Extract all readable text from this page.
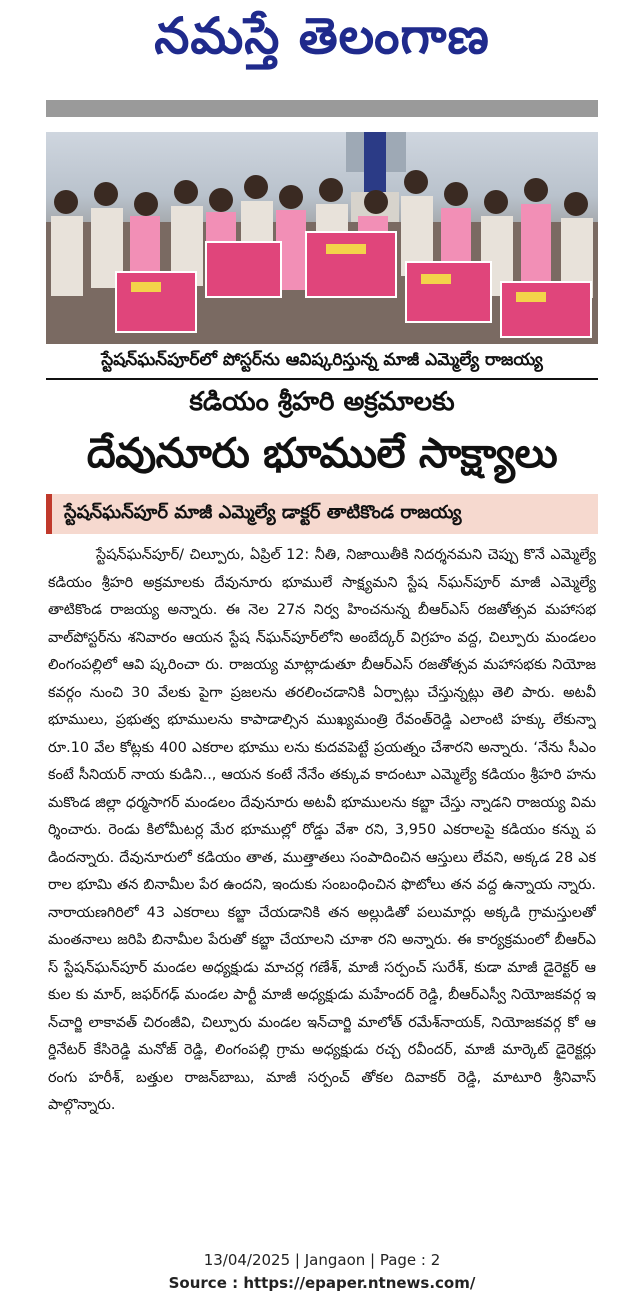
నమస్తే తెలంగాణ
స్టేషన్‌ఘన్‌పూర్‌లో పోస్టర్‌ను ఆవిష్కరిస్తున్న మాజీ ఎమ్మెల్యే రాజయ్య
కడియం శ్రీహరి అక్రమాలకు
దేవునూరు భూములే సాక్ష్యాలు
స్టేషన్‌ఘన్‌పూర్ మాజీ ఎమ్మెల్యే డాక్టర్ తాటికొండ రాజయ్య

స్టేషన్‌ఘన్‌పూర్/ చిల్పూరు, ఏప్రిల్ 12: నీతి, నిజాయితీకి నిదర్శనమని చెప్పు కొనే ఎమ్మెల్యే కడియం శ్రీహరి అక్రమాలకు దేవునూరు భూములే సాక్ష్యమని స్టేష న్‌ఘన్‌పూర్ మాజీ ఎమ్మెల్యే తాటికొండ రాజయ్య అన్నారు. ఈ నెల 27న నిర్వ హించనున్న బీఆర్‌ఎస్ రజతోత్సవ మహాసభ వాల్‌పోస్టర్‌ను శనివారం ఆయన స్టేష న్‌ఘన్‌పూర్‌లోని అంబేద్కర్ విగ్రహం వద్ద, చిల్పూరు మండలం లింగంపల్లిలో ఆవి ష్కరించా రు. రాజయ్య మాట్లాడుతూ బీఆర్‌ఎస్ రజతోత్సవ మహాసభకు నియోజ కవర్గం నుంచి 30 వేలకు పైగా ప్రజలను తరలించడానికి ఏర్పాట్లు చేస్తున్నట్లు తెలి పారు. అటవీ భూములు, ప్రభుత్వ భూములను కాపాడాల్సిన ముఖ్యమంత్రి రేవంత్‌రెడ్డి ఎలాంటి హక్కు లేకున్నా రూ.10 వేల కోట్లకు 400 ఎకరాల భూము లను కుదవపెట్టే ప్రయత్నం చేశారని అన్నారు. ‘నేను సీఎం కంటే సీనియర్ నాయ కుడిని.., ఆయన కంటే నేనేం తక్కువ కాదంటూ ఎమ్మెల్యే కడియం శ్రీహరి హను మకొండ జిల్లా ధర్మసాగర్ మండలం దేవునూరు అటవీ భూములను కబ్జా చేస్తు న్నాడని రాజయ్య విమర్శించారు. రెండు కిలోమీటర్ల మేర భూముల్లో రోడ్డు వేశా రని, 3,950 ఎకరాలపై కడియం కన్ను పడిందన్నారు. దేవునూరులో కడియం తాత, ముత్తాతలు సంపాదించిన ఆస్తులు లేవని, అక్కడ 28 ఎకరాల భూమి తన బినామీల పేర ఉందని, ఇందుకు సంబంధించిన ఫొటోలు తన వద్ద ఉన్నాయ న్నారు. నారాయణగిరిలో 43 ఎకరాలు కబ్జా చేయడానికి తన అల్లుడితో పలుమార్లు అక్కడి గ్రామస్తులతో మంతనాలు జరిపి బినామీల పేరుతో కబ్జా చేయాలని చూశా రని అన్నారు. ఈ కార్యక్రమంలో బీఆర్‌ఎస్ స్టేషన్‌ఘన్‌పూర్ మండల అధ్యక్షుడు మాచర్ల గణేశ్, మాజీ సర్పంచ్ సురేశ్, కుడా మాజీ డైరెక్టర్ ఆకుల కు మార్, జఫర్‌గఢ్ మండల పార్టీ మాజీ అధ్యక్షుడు మహేందర్ రెడ్డి, బీఆర్‌ఎస్వీ నియోజకవర్గ ఇన్‌చార్జి లాకావత్ చిరంజీవి, చిల్పూరు మండల ఇన్‌చార్జి మాలోత్ రమేశ్‌నాయక్, నియోజకవర్గ కో ఆర్డినేటర్ కేసిరెడ్డి మనోజ్ రెడ్డి, లింగంపల్లి గ్రామ అధ్యక్షుడు రచ్చ రవీందర్, మాజీ మార్కెట్ డైరెక్టర్లు రంగు హరీశ్, బత్తుల రాజన్‌బాబు, మాజీ సర్పంచ్ తోకల దివాకర్ రెడ్డి, మాటూరి శ్రీనివాస్ పాల్గొన్నారు.

13/04/2025 | Jangaon | Page : 2
Source : https://epaper.ntnews.com/
